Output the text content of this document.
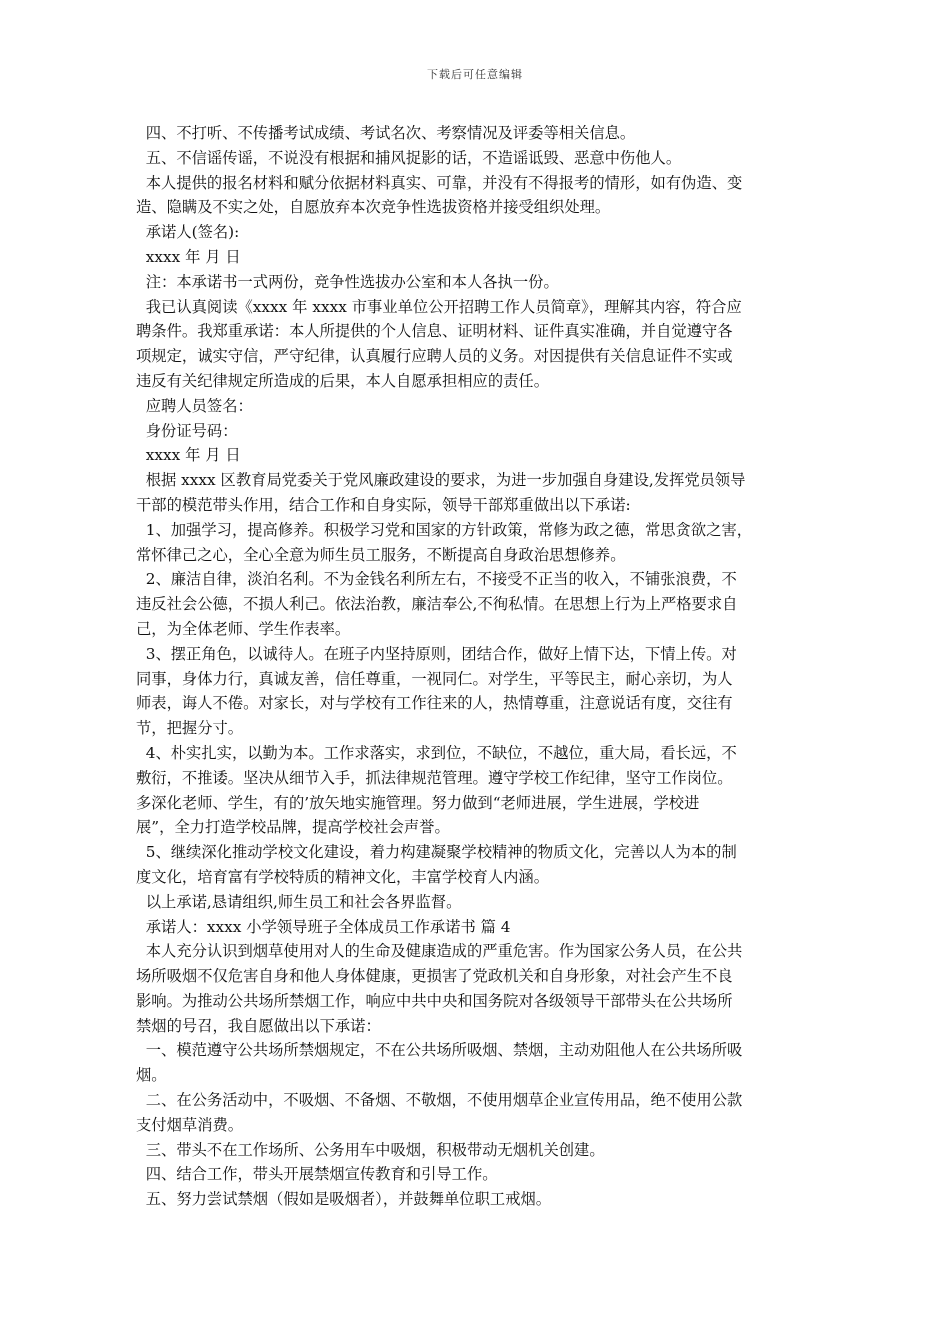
下载后可任意编辑
四、不打听、不传播考试成绩、考试名次、考察情况及评委等相关信息。
五、不信谣传谣，不说没有根据和捕风捉影的话，不造谣诋毁、恶意中伤他人。
本人提供的报名材料和赋分依据材料真实、可靠，并没有不得报考的情形，如有伪造、变
造、隐瞒及不实之处，自愿放弃本次竞争性选拔资格并接受组织处理。
承诺人(签名):
xxxx 年 月 日
注：本承诺书一式两份，竞争性选拔办公室和本人各执一份。
我已认真阅读《xxxx 年 xxxx 市事业单位公开招聘工作人员简章》，理解其内容，符合应
聘条件。我郑重承诺：本人所提供的个人信息、证明材料、证件真实准确，并自觉遵守各
项规定，诚实守信，严守纪律，认真履行应聘人员的义务。对因提供有关信息证件不实或
违反有关纪律规定所造成的后果，本人自愿承担相应的责任。
应聘人员签名：
身份证号码：
xxxx 年 月 日
根据 xxxx 区教育局党委关于党风廉政建设的要求，为进一步加强自身建设,发挥党员领导
干部的模范带头作用，结合工作和自身实际，领导干部郑重做出以下承诺:
1、加强学习，提高修养。积极学习党和国家的方针政策，常修为政之德，常思贪欲之害，
常怀律己之心，全心全意为师生员工服务，不断提高自身政治思想修养。
2、廉洁自律，淡泊名利。不为金钱名利所左右，不接受不正当的收入，不铺张浪费，不
违反社会公德，不损人利己。依法治教，廉洁奉公,不徇私情。在思想上行为上严格要求自
己，为全体老师、学生作表率。
3、摆正角色，以诚待人。在班子内坚持原则，团结合作，做好上情下达，下情上传。对
同事，身体力行，真诚友善，信任尊重，一视同仁。对学生，平等民主，耐心亲切，为人
师表，诲人不倦。对家长，对与学校有工作往来的人，热情尊重，注意说话有度，交往有
节，把握分寸。
4、朴实扎实，以勤为本。工作求落实，求到位，不缺位，不越位，重大局，看长远，不
敷衍，不推诿。坚决从细节入手，抓法律规范管理。遵守学校工作纪律，坚守工作岗位。
多深化老师、学生，有的’放矢地实施管理。努力做到“老师进展，学生进展，学校进
展”，全力打造学校品牌，提高学校社会声誉。
5、继续深化推动学校文化建设，着力构建凝聚学校精神的物质文化，完善以人为本的制
度文化，培育富有学校特质的精神文化，丰富学校育人内涵。
以上承诺,恳请组织,师生员工和社会各界监督。
承诺人：xxxx 小学领导班子全体成员工作承诺书 篇 4
本人充分认识到烟草使用对人的生命及健康造成的严重危害。作为国家公务人员，在公共
场所吸烟不仅危害自身和他人身体健康，更损害了党政机关和自身形象，对社会产生不良
影响。为推动公共场所禁烟工作，响应中共中央和国务院对各级领导干部带头在公共场所
禁烟的号召，我自愿做出以下承诺：
一、模范遵守公共场所禁烟规定，不在公共场所吸烟、禁烟，主动劝阻他人在公共场所吸
烟。
二、在公务活动中，不吸烟、不备烟、不敬烟，不使用烟草企业宣传用品，绝不使用公款
支付烟草消费。
三、带头不在工作场所、公务用车中吸烟，积极带动无烟机关创建。
四、结合工作，带头开展禁烟宣传教育和引导工作。
五、努力尝试禁烟（假如是吸烟者），并鼓舞单位职工戒烟。
